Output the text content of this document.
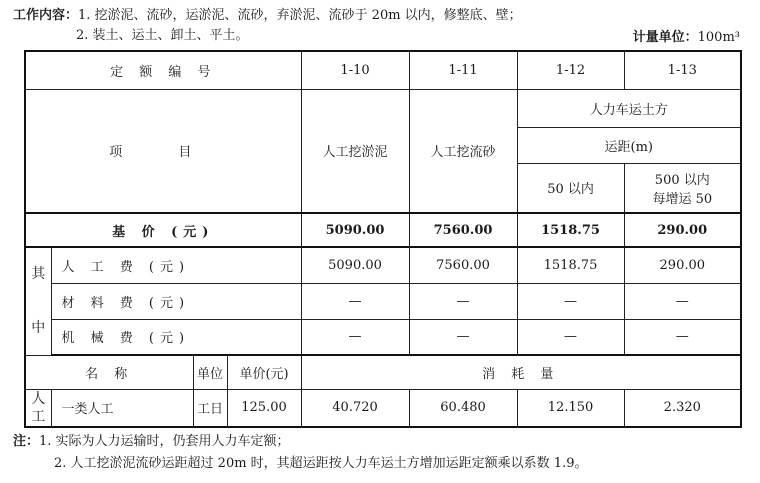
工作内容：1. 挖淤泥、流砂，运淤泥、流砂，弃淤泥、流砂于 20m 以内，修整底、壁；
2. 装土、运土、卸土、平土。	计量单位：100m³
定 额 编 号				1-10	1-11	1-12	1-13
项 目				人工挖淤泥	人工挖流砂	人力车运土方	
						运距(m)	
						50 以内	500 以内
每增运 50

基 价 (元)				5090.00	7560.00	1518.75	290.00

其
中	人 工 费 (元)			5090.00	7560.00	1518.75	290.00
	材 料 费 (元)			—	—	—	—
	机 械 费 (元)			—	—	—	—
名 称		单位	单价(元)	消 耗 量			

人
工	一类人工	工日	125.00	40.720	60.480	12.150	2.320
注：1. 实际为人力运输时，仍套用人力车定额；
2. 人工挖淤泥流砂运距超过 20m 时，其超运距按人力车运土方增加运距定额乘以系数 1.9。
